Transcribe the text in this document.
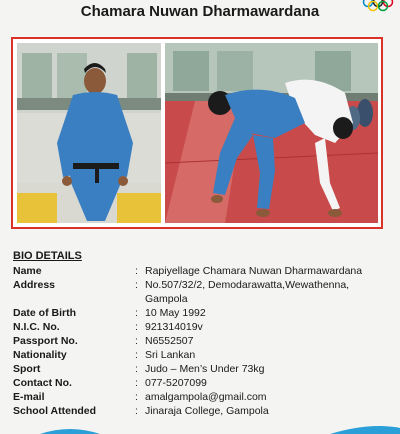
Chamara Nuwan Dharmawardana
BIO DETAILS
Name	: Rapiyellage Chamara Nuwan Dharmawardana
Address	: No.507/32/2, Demodarawatta,Wewathenna, Gampola
Date of Birth	: 10 May 1992
N.I.C. No.	: 921314019v
Passport No.	: N6552507
Nationality	: Sri Lankan
Sport	: Judo – Men’s Under 73kg
Contact No.	: 077-5207099
E-mail	: amalgampola@gmail.com
School Attended	: Jinaraja College, Gampola
